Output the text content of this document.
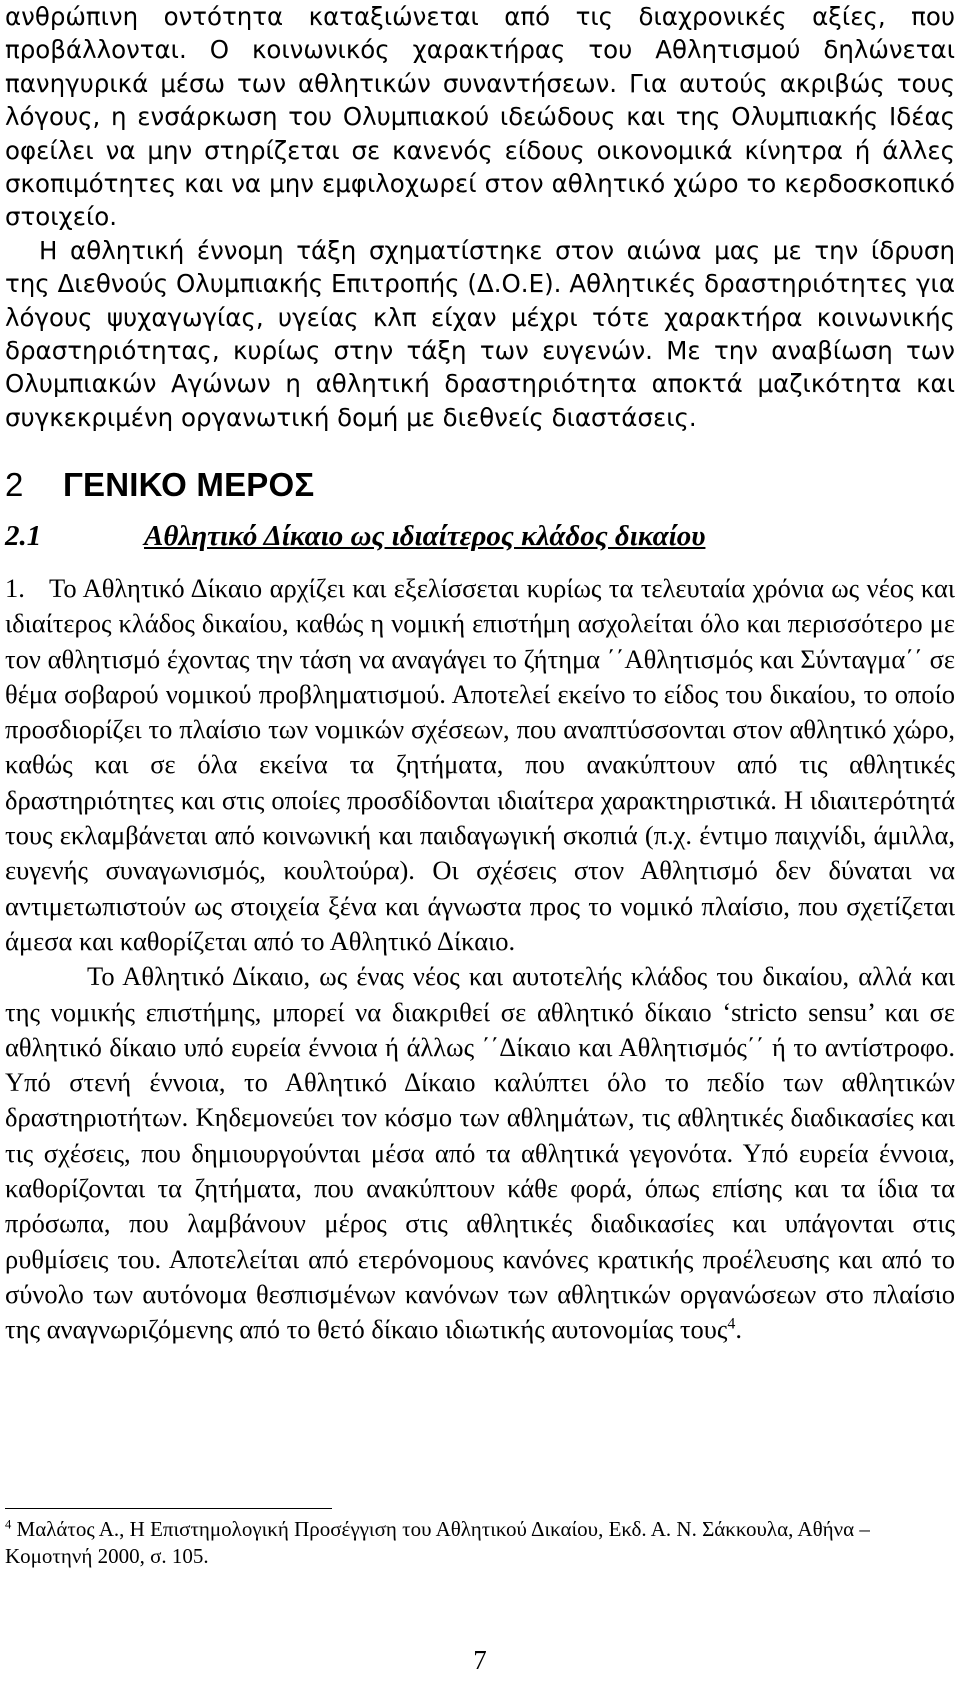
ανθρώπινη οντότητα καταξιώνεται από τις διαχρονικές αξίες, που προβάλλονται. Ο κοινωνικός χαρακτήρας του Αθλητισμού δηλώνεται πανηγυρικά μέσω των αθλητικών συναντήσεων. Για αυτούς ακριβώς τους λόγους, η ενσάρκωση του Ολυμπιακού ιδεώδους και της Ολυμπιακής Ιδέας οφείλει να μην στηρίζεται σε κανενός είδους οικονομικά κίνητρα ή άλλες σκοπιμότητες και να μην εμφιλοχωρεί στον αθλητικό χώρο το κερδοσκοπικό στοιχείο.

Η αθλητική έννομη τάξη σχηματίστηκε στον αιώνα μας με την ίδρυση της Διεθνούς Ολυμπιακής Επιτροπής (Δ.Ο.Ε). Αθλητικές δραστηριότητες για λόγους ψυχαγωγίας, υγείας κλπ είχαν μέχρι τότε χαρακτήρα κοινωνικής δραστηριότητας, κυρίως στην τάξη των ευγενών. Με την αναβίωση των Ολυμπιακών Αγώνων η αθλητική δραστηριότητα αποκτά μαζικότητα και συγκεκριμένη οργανωτική δομή με διεθνείς διαστάσεις.

2 ΓΕΝΙΚΟ ΜΕΡΟΣ
2.1	Αθλητικό Δίκαιο ως ιδιαίτερος κλάδος δικαίου

1. Το Αθλητικό Δίκαιο αρχίζει και εξελίσσεται κυρίως τα τελευταία χρόνια ως νέος και ιδιαίτερος κλάδος δικαίου, καθώς η νομική επιστήμη ασχολείται όλο και περισσότερο με τον αθλητισμό έχοντας την τάση να αναγάγει το ζήτημα ΄΄Αθλητισμός και Σύνταγμα΄΄ σε θέμα σοβαρού νομικού προβληματισμού. Αποτελεί εκείνο το είδος του δικαίου, το οποίο προσδιορίζει το πλαίσιο των νομικών σχέσεων, που αναπτύσσονται στον αθλητικό χώρο, καθώς και σε όλα εκείνα τα ζητήματα, που ανακύπτουν από τις αθλητικές δραστηριότητες και στις οποίες προσδίδονται ιδιαίτερα χαρακτηριστικά. Η ιδιαιτερότητά τους εκλαμβάνεται από κοινωνική και παιδαγωγική σκοπιά (π.χ. έντιμο παιχνίδι, άμιλλα, ευγενής συναγωνισμός, κουλτούρα). Οι σχέσεις στον Αθλητισμό δεν δύναται να αντιμετωπιστούν ως στοιχεία ξένα και άγνωστα προς το νομικό πλαίσιο, που σχετίζεται άμεσα και καθορίζεται από το Αθλητικό Δίκαιο.

Το Αθλητικό Δίκαιο, ως ένας νέος και αυτοτελής κλάδος του δικαίου, αλλά και της νομικής επιστήμης, μπορεί να διακριθεί σε αθλητικό δίκαιο ‘stricto sensu’ και σε αθλητικό δίκαιο υπό ευρεία έννοια ή άλλως ΄΄Δίκαιο και Αθλητισμός΄΄ ή το αντίστροφο. Υπό στενή έννοια, το Αθλητικό Δίκαιο καλύπτει όλο το πεδίο των αθλητικών δραστηριοτήτων. Κηδεμονεύει τον κόσμο των αθλημάτων, τις αθλητικές διαδικασίες και τις σχέσεις, που δημιουργούνται μέσα από τα αθλητικά γεγονότα. Υπό ευρεία έννοια, καθορίζονται τα ζητήματα, που ανακύπτουν κάθε φορά, όπως επίσης και τα ίδια τα πρόσωπα, που λαμβάνουν μέρος στις αθλητικές διαδικασίες και υπάγονται στις ρυθμίσεις του. Αποτελείται από ετερόνομους κανόνες κρατικής προέλευσης και από το σύνολο των αυτόνομα θεσπισμένων κανόνων των αθλητικών οργανώσεων στο πλαίσιο της αναγνωριζόμενης από το θετό δίκαιο ιδιωτικής αυτονομίας τους$^4$.

$^4$ Μαλάτος Α., Η Επιστημολογική Προσέγγιση του Αθλητικού Δικαίου, Εκδ. Α. Ν. Σάκκουλα, Αθήνα – Κομοτηνή 2000, σ. 105.
7
